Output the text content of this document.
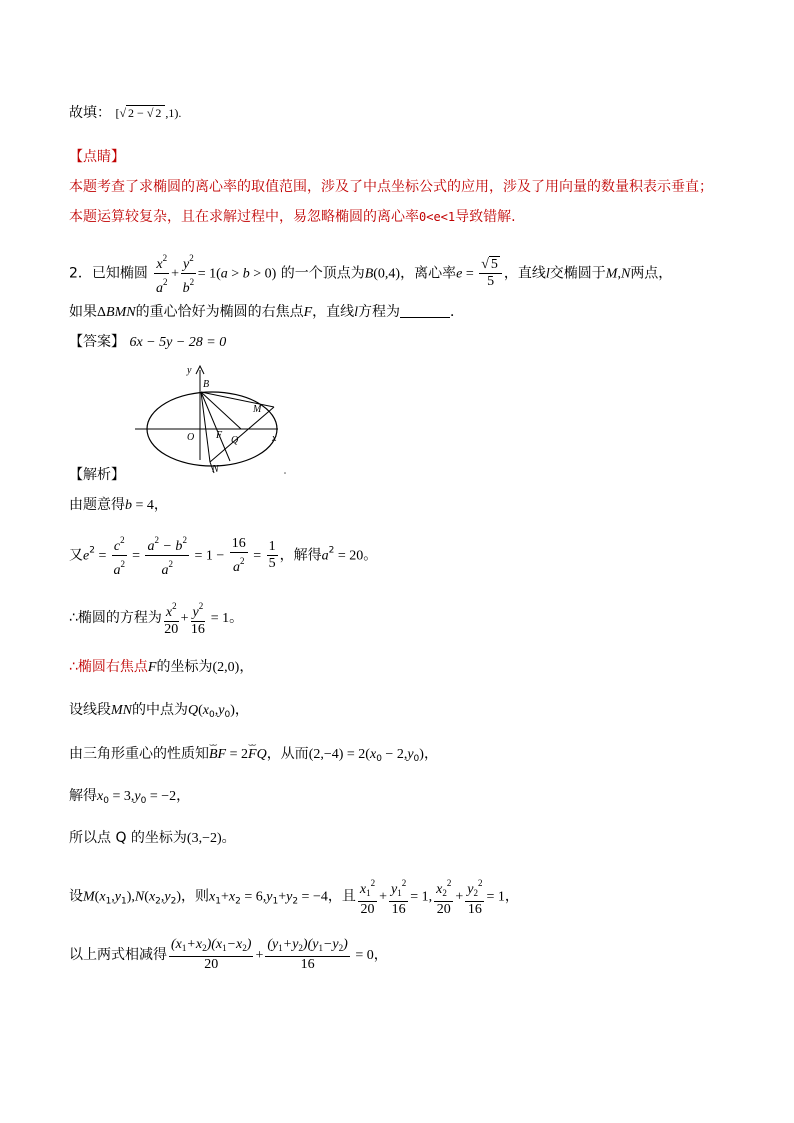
故填： [√ 2 − √ 2 ,1).
【点睛】
本题考查了求椭圆的离心率的取值范围，涉及了中点坐标公式的应用，涉及了用向量的数量积表示垂直；
本题运算较复杂，且在求解过程中，易忽略椭圆的离心率0<e<1导致错解.
2．已知椭圆 $\frac{x^2}{a^2} + \frac{y^2}{b^2} = 1(a > b > 0)$ 的一个顶点为B(0,4)，离心率$e = \frac{√ 5}{5}$ ，直线l交椭圆于M,N两点，
如果ΔBMN的重心恰好为椭圆的右焦点F，直线l方程为	．
【答案】 6x − 5y − 28 = 0
y
x
B
M
O F Q
N
【解析】
由题意得b = 4，
又$e^2 = \frac{c^2}{a^2} = \frac{a^2 - b^2}{a^2} = 1 - \frac{16}{a^2} = \frac{1}{5}$ ，解得$a^2 = 20$。
∴椭圆的方程为 $\frac{x^2}{20} + \frac{y^2}{16} = 1$。
∴椭圆右焦点F的坐标为(2,0)，
设线段MN的中点为$Q(x_0,y_0)$，
由三角形重心的性质知⌣⌣ BF = 2⌣⌣ FQ，从而$(2,-4) = 2(x_0 - 2,y_0)$，
解得$x_0 = 3,y_0 = -2$，
所以点 Q 的坐标为(3,−2)。
设$M(x_1,y_1),N(x_2,y_2)$，则$x_1+x_2 = 6,y_1+y_2 = -4$，且 $\frac{x_1^2}{20} + \frac{y_1^2}{16} = 1$, $\frac{x_2^2}{20} + \frac{y_2^2}{16} = 1$，
以上两式相减得 $\frac{(x_1+x_2)(x_1-x_2)}{20} + \frac{(y_1+y_2)(y_1-y_2)}{16} = 0$，
